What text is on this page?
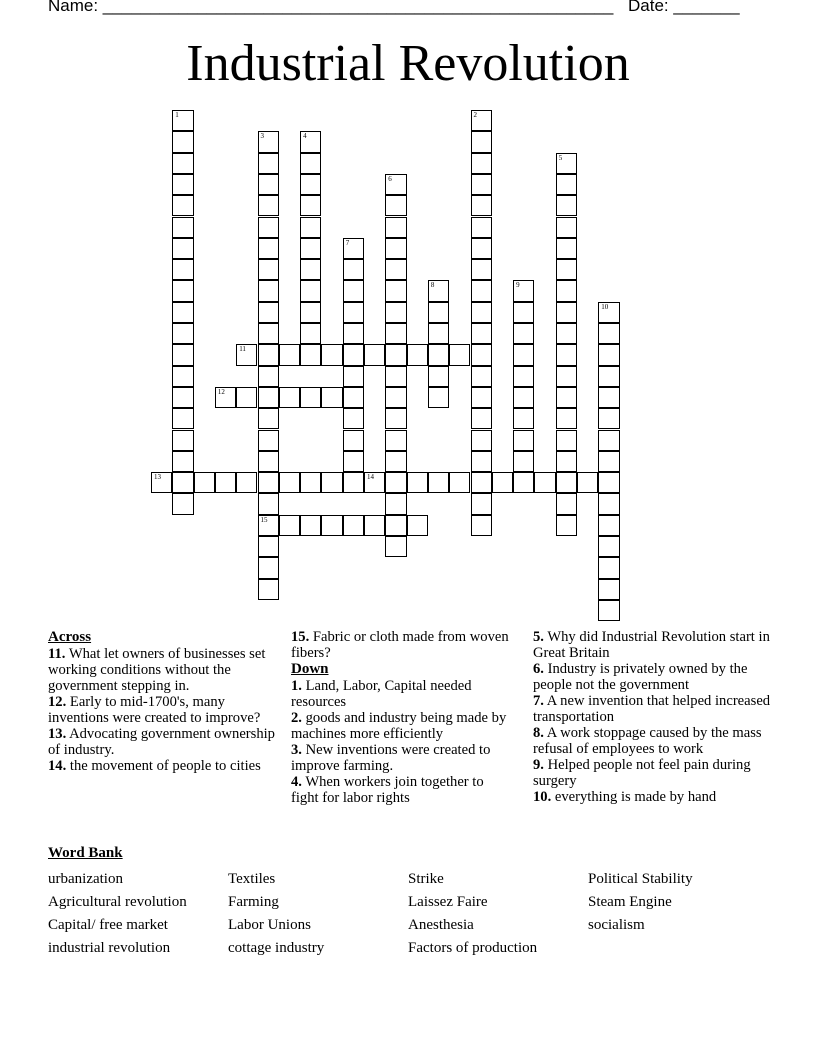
Name: ______________________________________________________ Date: _______
Industrial Revolution
1	2
3
15
4
5
6
7
8	9
10
11
12
13	14
Across
11. What let owners of businesses set working conditions without the government stepping in.
12. Early to mid-1700's, many inventions were created to improve?
13. Advocating government ownership of industry.
14. the movement of people to cities
15. Fabric or cloth made from woven fibers?
Down
1. Land, Labor, Capital needed resources
2. goods and industry being made by machines more efficiently
3. New inventions were created to improve farming.
4. When workers join together to fight for labor rights
5. Why did Industrial Revolution start in Great Britain
6. Industry is privately owned by the people not the government
7. A new invention that helped increased transportation
8. A work stoppage caused by the mass refusal of employees to work
9. Helped people not feel pain during surgery
10. everything is made by hand
Word Bank
urbanization
Agricultural revolution
Capital/ free market
industrial revolution
Textiles
Farming
Labor Unions
cottage industry
Strike
Laissez Faire
Anesthesia
Factors of production
Political Stability
Steam Engine
socialism
